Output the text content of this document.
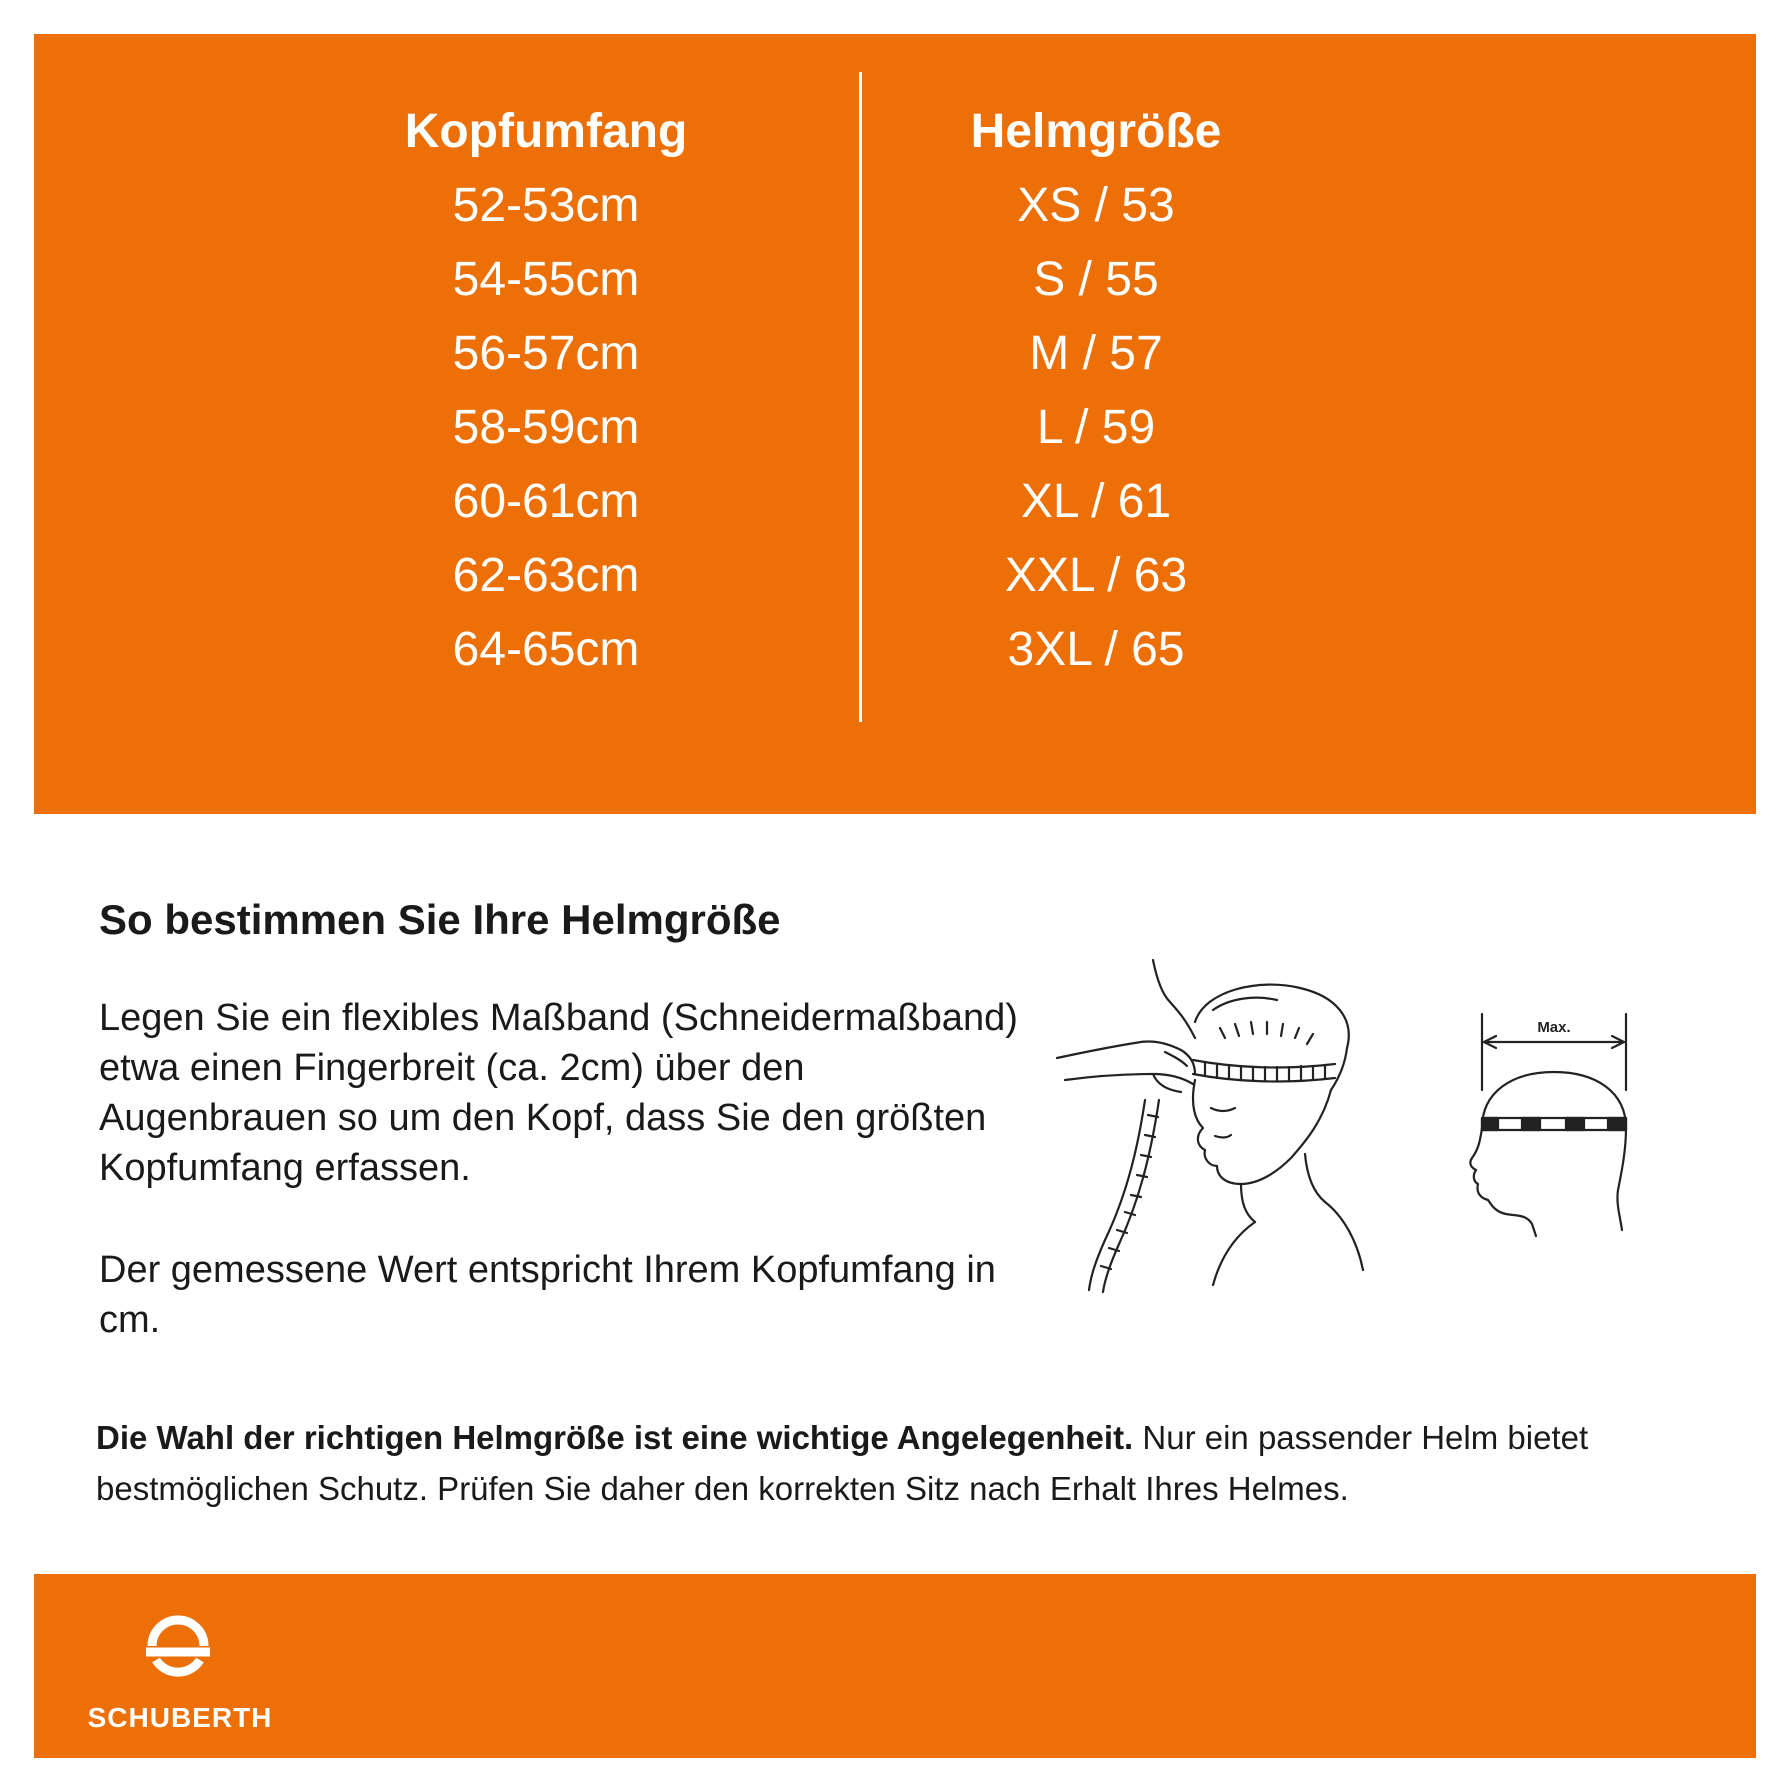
Kopfumfang
52-53cm
54-55cm
56-57cm
58-59cm
60-61cm
62-63cm
64-65cm
Helmgröße
XS / 53
S / 55
M / 57
L / 59
XL / 61
XXL / 63
3XL / 65
So bestimmen Sie Ihre Helmgröße

Legen Sie ein flexibles Maßband (Schneidermaßband) etwa einen Fingerbreit (ca. 2cm) über den Augenbrauen so um den Kopf, dass Sie den größten Kopfumfang erfassen.

Der gemessene Wert entspricht Ihrem Kopfumfang in cm.

Max.

Die Wahl der richtigen Helmgröße ist eine wichtige Angelegenheit. Nur ein passender Helm bietet bestmöglichen Schutz. Prüfen Sie daher den korrekten Sitz nach Erhalt Ihres Helmes.

SCHUBERTH
